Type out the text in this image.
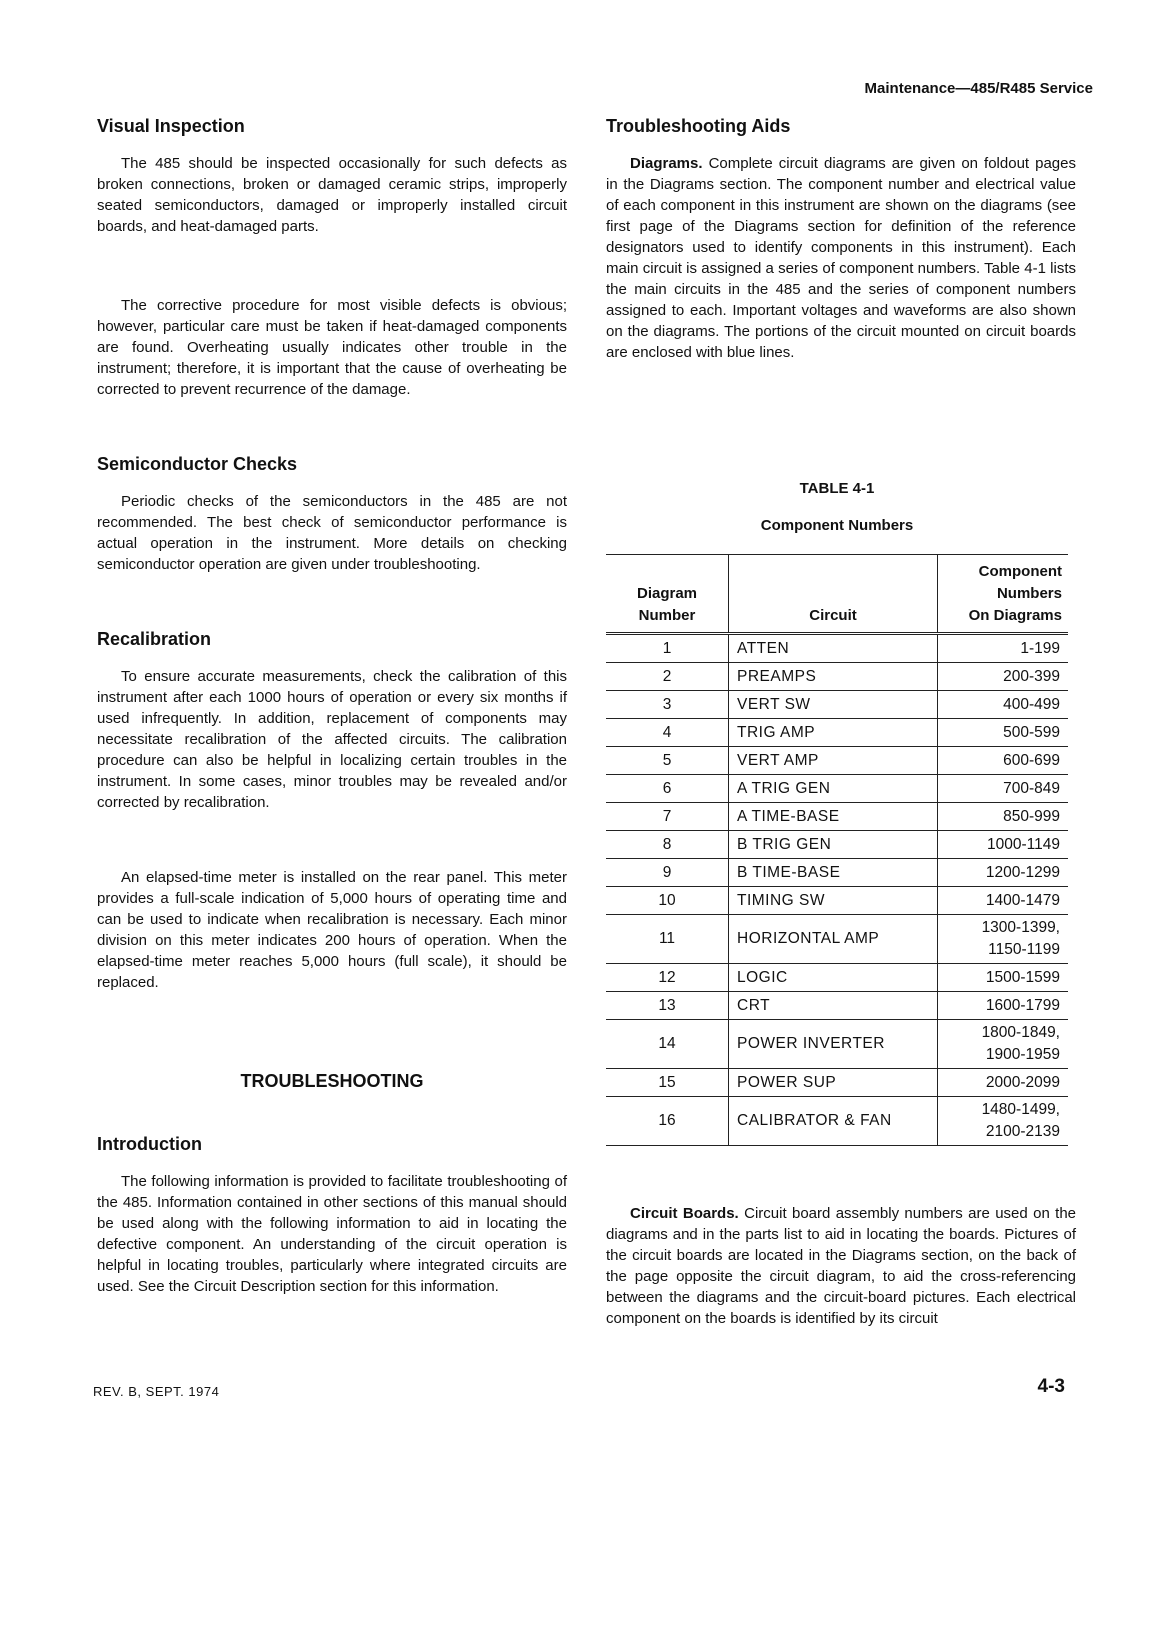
Maintenance—485/R485 Service
Visual Inspection

The 485 should be inspected occasionally for such defects as broken connections, broken or damaged ceramic strips, improperly seated semiconductors, damaged or improperly installed circuit boards, and heat-damaged parts.

The corrective procedure for most visible defects is obvious; however, particular care must be taken if heat-damaged components are found. Overheating usually indicates other trouble in the instrument; therefore, it is important that the cause of overheating be corrected to prevent recurrence of the damage.

Semiconductor Checks

Periodic checks of the semiconductors in the 485 are not recommended. The best check of semiconductor performance is actual operation in the instrument. More details on checking semiconductor operation are given under troubleshooting.

Recalibration

To ensure accurate measurements, check the calibration of this instrument after each 1000 hours of operation or every six months if used infrequently. In addition, replacement of components may necessitate recalibration of the affected circuits. The calibration procedure can also be helpful in localizing certain troubles in the instrument. In some cases, minor troubles may be revealed and/or corrected by recalibration.

An elapsed-time meter is installed on the rear panel. This meter provides a full-scale indication of 5,000 hours of operating time and can be used to indicate when recalibration is necessary. Each minor division on this meter indicates 200 hours of operation. When the elapsed-time meter reaches 5,000 hours (full scale), it should be replaced.

TROUBLESHOOTING
Introduction

The following information is provided to facilitate troubleshooting of the 485. Information contained in other sections of this manual should be used along with the following information to aid in locating the defective component. An understanding of the circuit operation is helpful in locating troubles, particularly where integrated circuits are used. See the Circuit Description section for this information.

Troubleshooting Aids

Diagrams. Complete circuit diagrams are given on foldout pages in the Diagrams section. The component number and electrical value of each component in this instrument are shown on the diagrams (see first page of the Diagrams section for definition of the reference designators used to identify components in this instrument). Each main circuit is assigned a series of component numbers. Table 4-1 lists the main circuits in the 485 and the series of component numbers assigned to each. Important voltages and waveforms are also shown on the diagrams. The portions of the circuit mounted on circuit boards are enclosed with blue lines.

TABLE 4-1

Component Numbers

Diagram
Number	Circuit	Component
Numbers
On Diagrams
1	ATTEN	1-199
2	PREAMPS	200-399
3	VERT SW	400-499
4	TRIG AMP	500-599
5	VERT AMP	600-699
6	A TRIG GEN	700-849
7	A TIME-BASE	850-999
8	B TRIG GEN	1000-1149
9	B TIME-BASE	1200-1299
10	TIMING SW	1400-1479
11	HORIZONTAL AMP	1300-1399,
1150-1199
12	LOGIC	1500-1599
13	CRT	1600-1799
14	POWER INVERTER	1800-1849,
1900-1959
15	POWER SUP	2000-2099
16	CALIBRATOR & FAN	1480-1499,
2100-2139

Circuit Boards. Circuit board assembly numbers are used on the diagrams and in the parts list to aid in locating the boards. Pictures of the circuit boards are located in the Diagrams section, on the back of the page opposite the circuit diagram, to aid the cross-referencing between the diagrams and the circuit-board pictures. Each electrical component on the boards is identified by its circuit

REV. B, SEPT. 1974	4-3
